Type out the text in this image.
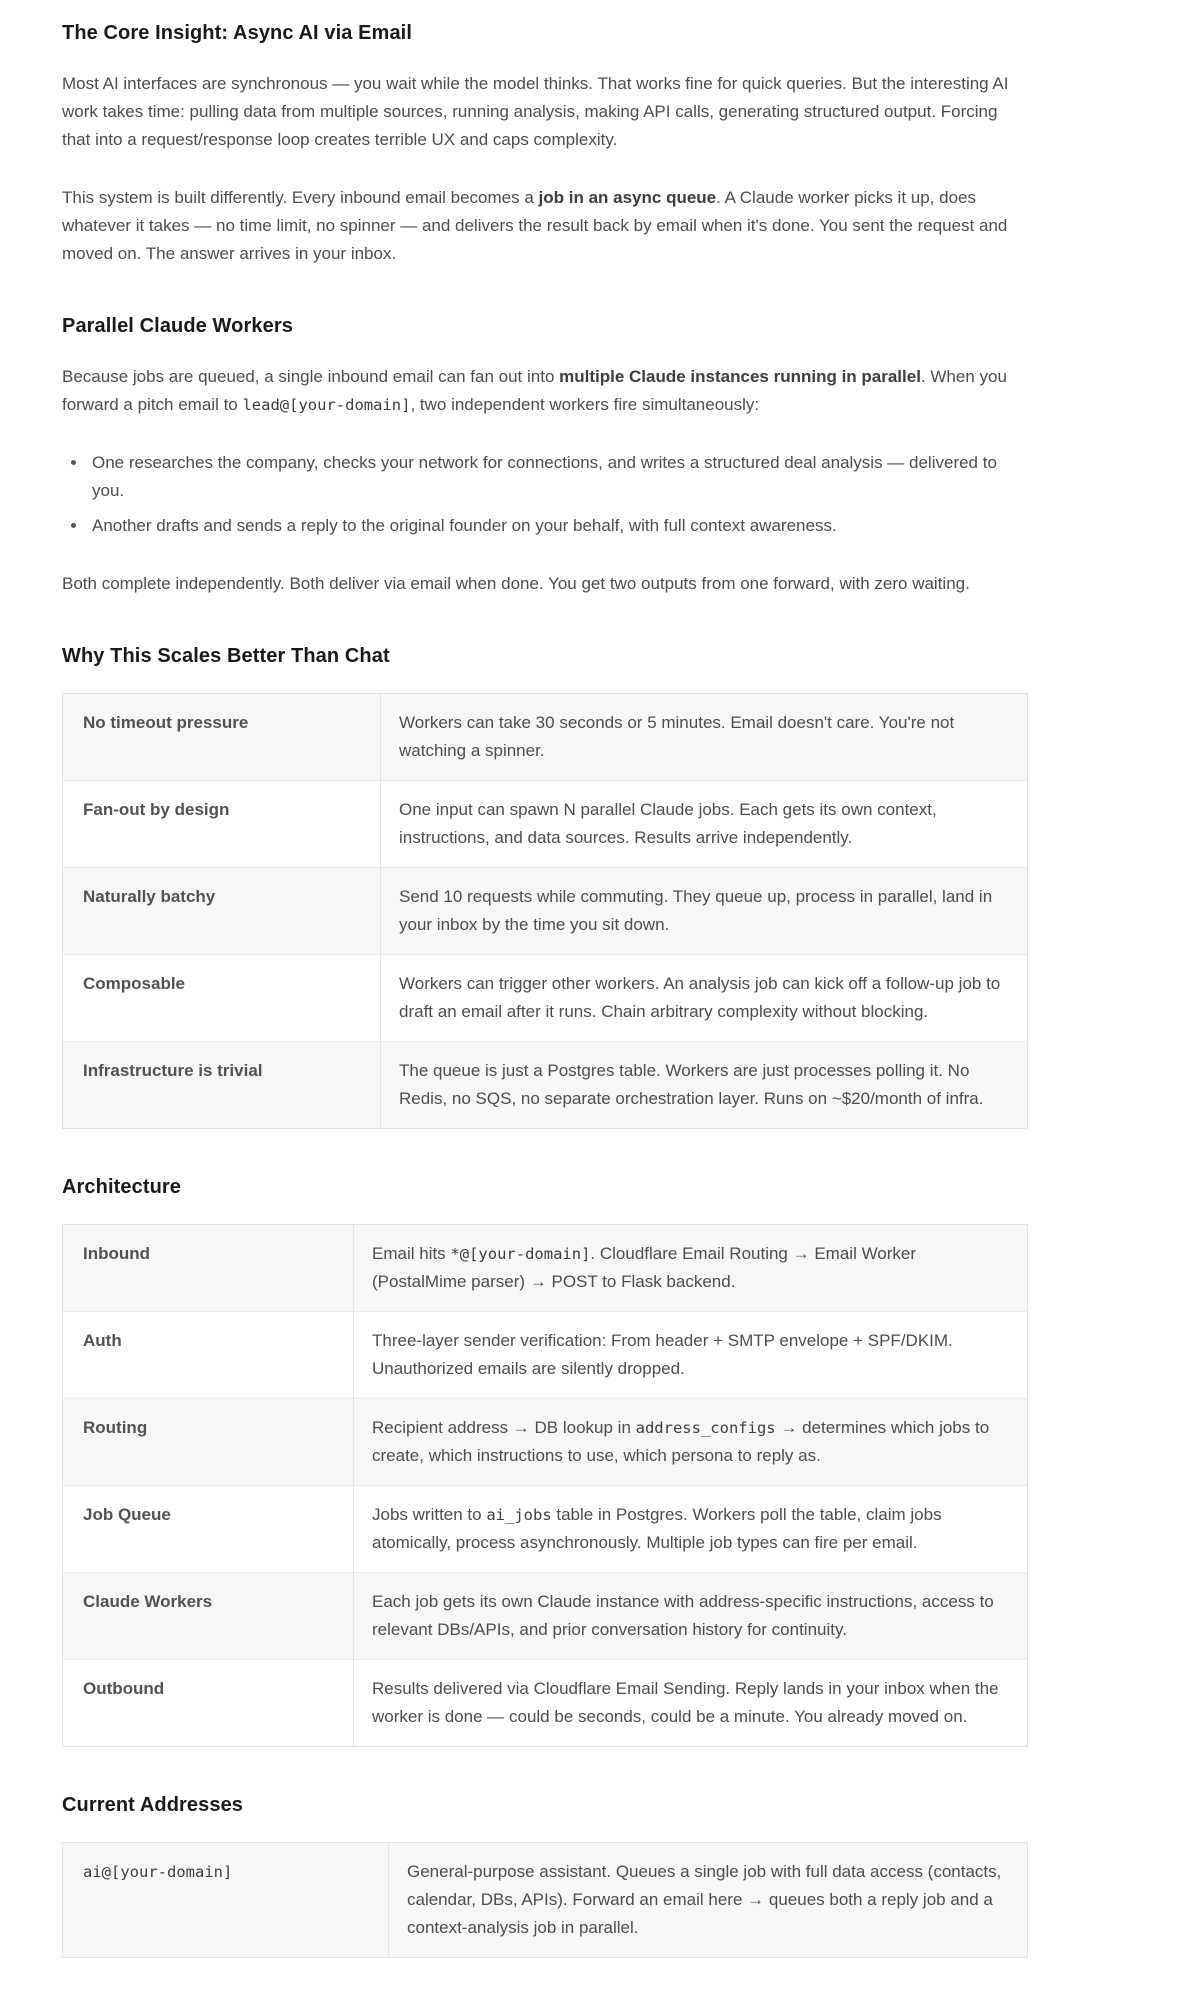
The Core Insight: Async AI via Email

Most AI interfaces are synchronous — you wait while the model thinks. That works fine for quick queries. But the interesting AI work takes time: pulling data from multiple sources, running analysis, making API calls, generating structured output. Forcing that into a request/response loop creates terrible UX and caps complexity.

This system is built differently. Every inbound email becomes a job in an async queue. A Claude worker picks it up, does whatever it takes — no time limit, no spinner — and delivers the result back by email when it's done. You sent the request and moved on. The answer arrives in your inbox.

Parallel Claude Workers

Because jobs are queued, a single inbound email can fan out into multiple Claude instances running in parallel. When you forward a pitch email to lead@[your-domain], two independent workers fire simultaneously:

• One researches the company, checks your network for connections, and writes a structured deal analysis — delivered to you.
• Another drafts and sends a reply to the original founder on your behalf, with full context awareness.

Both complete independently. Both deliver via email when done. You get two outputs from one forward, with zero waiting.

Why This Scales Better Than Chat
No timeout pressure	Workers can take 30 seconds or 5 minutes. Email doesn't care. You're not watching a spinner.
Fan-out by design	One input can spawn N parallel Claude jobs. Each gets its own context, instructions, and data sources. Results arrive independently.
Naturally batchy	Send 10 requests while commuting. They queue up, process in parallel, land in your inbox by the time you sit down.
Composable	Workers can trigger other workers. An analysis job can kick off a follow-up job to draft an email after it runs. Chain arbitrary complexity without blocking.
Infrastructure is trivial	The queue is just a Postgres table. Workers are just processes polling it. No Redis, no SQS, no separate orchestration layer. Runs on ~$20/month of infra.
Architecture
Inbound	Email hits *@[your-domain]. Cloudflare Email Routing → Email Worker (PostalMime parser) → POST to Flask backend.
Auth	Three-layer sender verification: From header + SMTP envelope + SPF/DKIM. Unauthorized emails are silently dropped.
Routing	Recipient address → DB lookup in address_configs → determines which jobs to create, which instructions to use, which persona to reply as.
Job Queue	Jobs written to ai_jobs table in Postgres. Workers poll the table, claim jobs atomically, process asynchronously. Multiple job types can fire per email.
Claude Workers	Each job gets its own Claude instance with address-specific instructions, access to relevant DBs/APIs, and prior conversation history for continuity.
Outbound	Results delivered via Cloudflare Email Sending. Reply lands in your inbox when the worker is done — could be seconds, could be a minute. You already moved on.
Current Addresses
ai@[your-domain]	General-purpose assistant. Queues a single job with full data access (contacts, calendar, DBs, APIs). Forward an email here → queues both a reply job and a context-analysis job in parallel.
